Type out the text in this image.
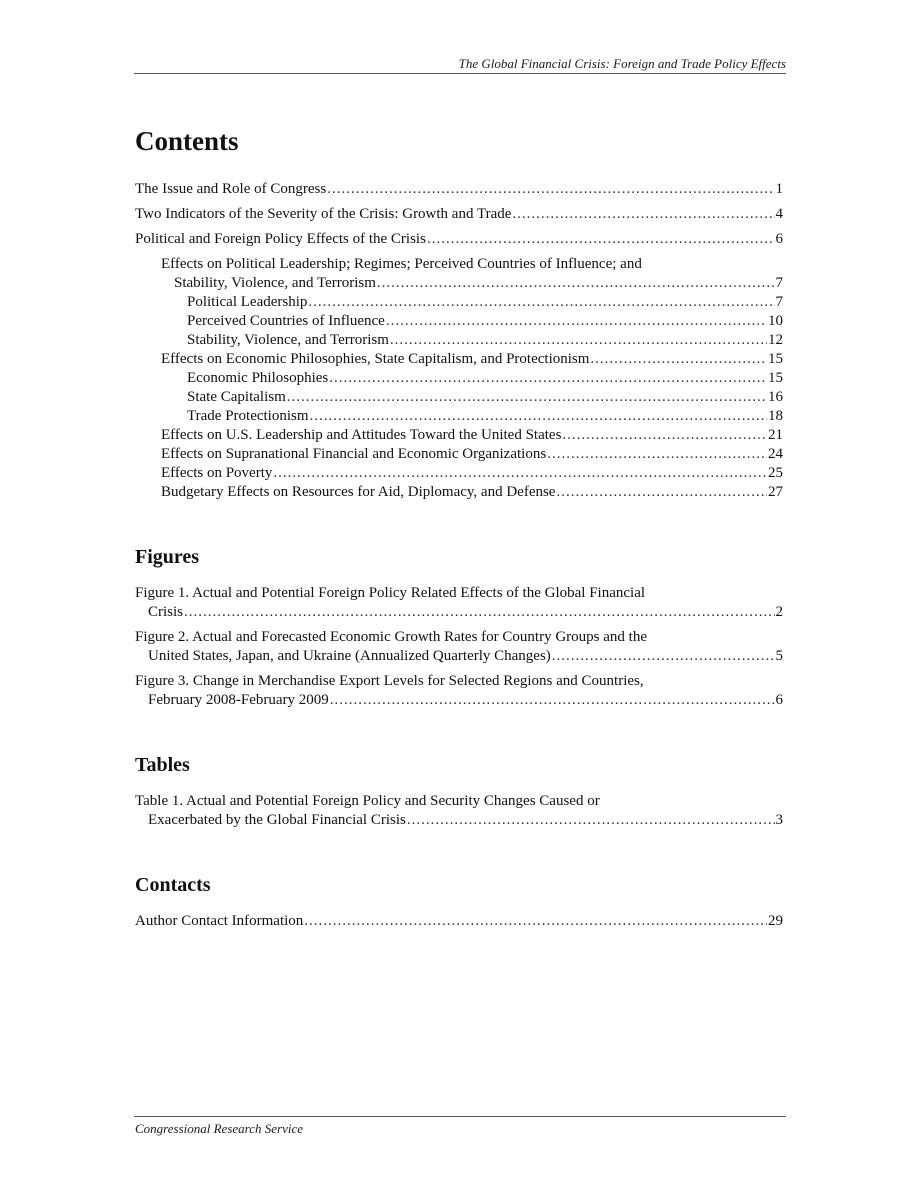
The Global Financial Crisis: Foreign and Trade Policy Effects
Contents
The Issue and Role of Congress .....	1
Two Indicators of the Severity of the Crisis: Growth and Trade .....	4
Political and Foreign Policy Effects of the Crisis .....	6
Effects on Political Leadership; Regimes; Perceived Countries of Influence; and
Stability, Violence, and Terrorism .....	7
Political Leadership .....	7
Perceived Countries of Influence .....	10
Stability, Violence, and Terrorism .....	12
Effects on Economic Philosophies, State Capitalism, and Protectionism .....	15
Economic Philosophies .....	15
State Capitalism .....	16
Trade Protectionism .....	18
Effects on U.S. Leadership and Attitudes Toward the United States .....	21
Effects on Supranational Financial and Economic Organizations .....	24
Effects on Poverty .....	25
Budgetary Effects on Resources for Aid, Diplomacy, and Defense .....	27
Figures
Figure 1. Actual and Potential Foreign Policy Related Effects of the Global Financial
Crisis .....	2
Figure 2. Actual and Forecasted Economic Growth Rates for Country Groups and the
United States, Japan, and Ukraine (Annualized Quarterly Changes) .....	5
Figure 3. Change in Merchandise Export Levels for Selected Regions and Countries,
February 2008-February 2009 .....	6
Tables
Table 1. Actual and Potential Foreign Policy and Security Changes Caused or
Exacerbated by the Global Financial Crisis .....	3
Contacts
Author Contact Information .....	29
Congressional Research Service
